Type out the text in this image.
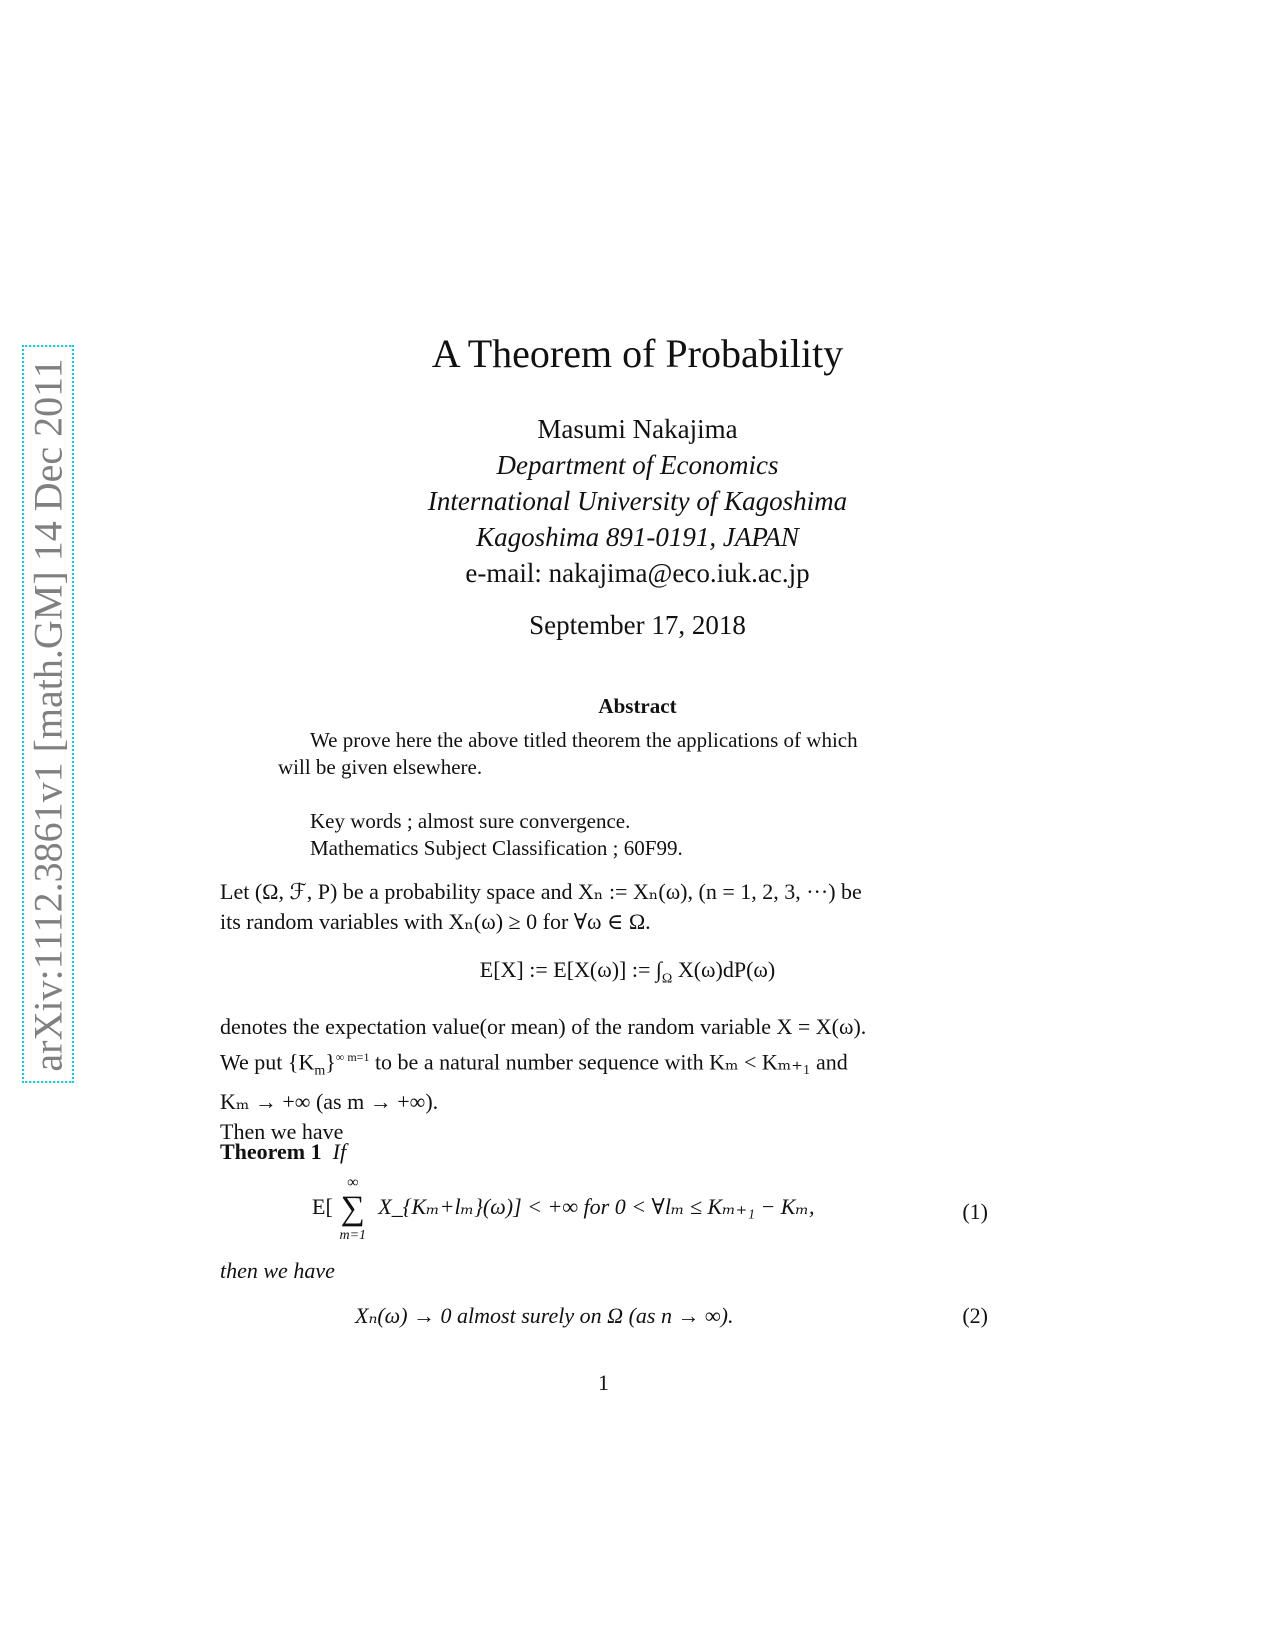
arXiv:1112.3861v1 [math.GM] 14 Dec 2011
A Theorem of Probability
Masumi Nakajima
Department of Economics
International University of Kagoshima
Kagoshima 891-0191, JAPAN
e-mail: nakajima@eco.iuk.ac.jp
September 17, 2018
Abstract
We prove here the above titled theorem the applications of which
will be given elsewhere.
Key words ; almost sure convergence.
Mathematics Subject Classification ; 60F99.
Let (Ω, ℱ, P) be a probability space and Xₙ := Xₙ(ω), (n = 1, 2, 3, ···) be
its random variables with Xₙ(ω) ≥ 0 for ∀ω ∈ Ω.
E[X] := E[X(ω)] := $\int_\Omega$ X(ω)dP(ω)
denotes the expectation value(or mean) of the random variable X = X(ω).
We put $\{K_m\}^{\infty m=1}$ to be a natural number sequence with Kₘ < Kₘ₊₁ and
Kₘ → +∞ (as m → +∞).
Then we have
Theorem 1 If
E[
∞
∑
m=1
X_{Kₘ+lₘ}(ω)] < +∞ for 0 < ∀lₘ ≤ Kₘ₊₁ − Kₘ,	(1)
then we have
Xₙ(ω) → 0 almost surely on Ω (as n → ∞).	(2)
1
